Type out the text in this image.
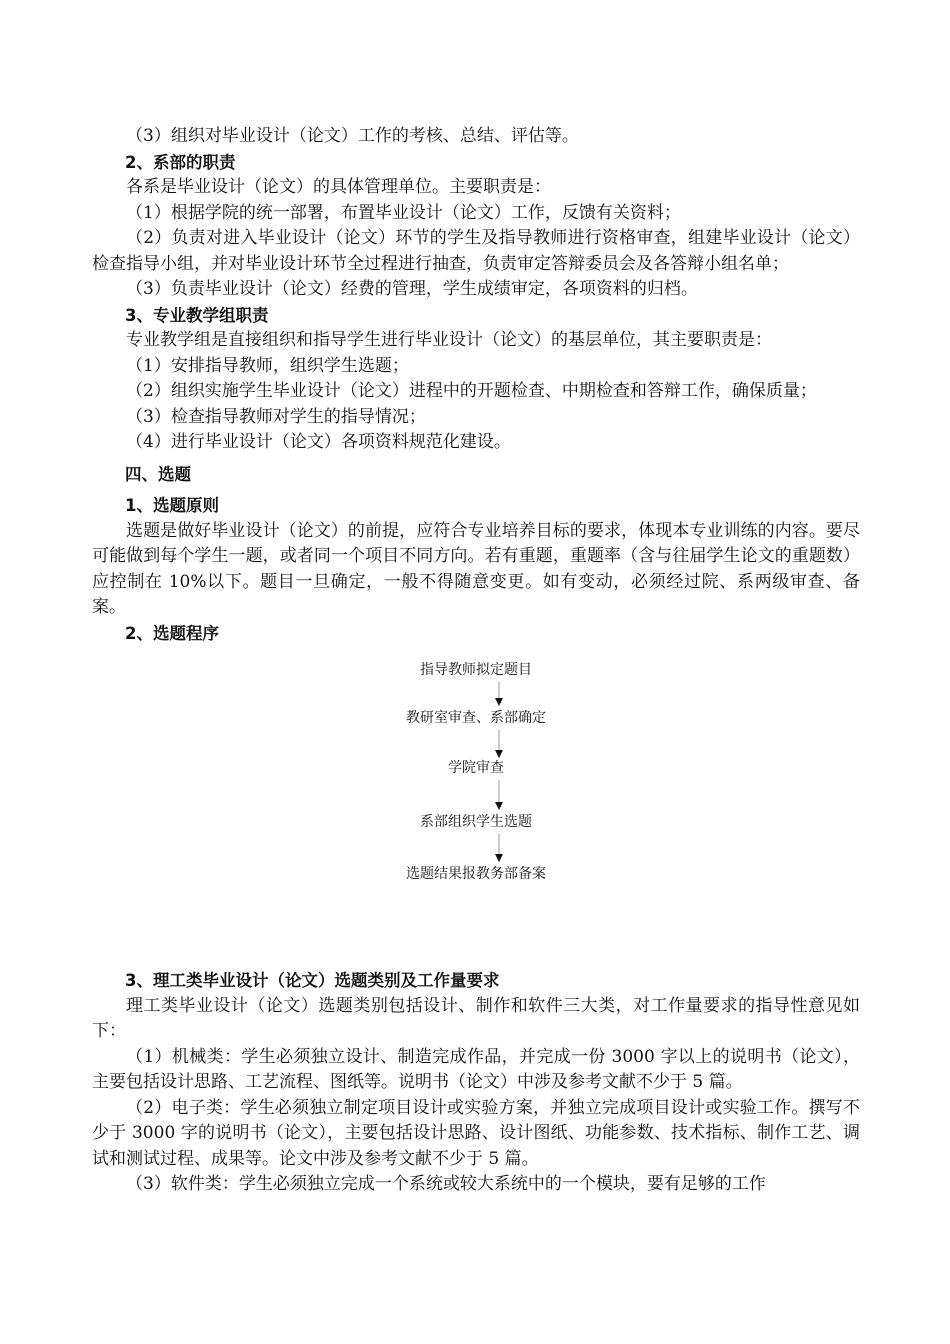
（3）组织对毕业设计（论文）工作的考核、总结、评估等。

2、系部的职责

各系是毕业设计（论文）的具体管理单位。主要职责是：

（1）根据学院的统一部署，布置毕业设计（论文）工作，反馈有关资料；

（2）负责对进入毕业设计（论文）环节的学生及指导教师进行资格审查，组建毕业设计（论文）检查指导小组，并对毕业设计环节全过程进行抽查，负责审定答辩委员会及各答辩小组名单；

（3）负责毕业设计（论文）经费的管理，学生成绩审定，各项资料的归档。

3、专业教学组职责

专业教学组是直接组织和指导学生进行毕业设计（论文）的基层单位，其主要职责是：

（1）安排指导教师，组织学生选题；

（2）组织实施学生毕业设计（论文）进程中的开题检查、中期检查和答辩工作，确保质量；

（3）检查指导教师对学生的指导情况；

（4）进行毕业设计（论文）各项资料规范化建设。

四、选题

1、选题原则

选题是做好毕业设计（论文）的前提，应符合专业培养目标的要求，体现本专业训练的内容。要尽可能做到每个学生一题，或者同一个项目不同方向。若有重题，重题率（含与往届学生论文的重题数）应控制在 10%以下。题目一旦确定，一般不得随意变更。如有变动，必须经过院、系两级审查、备案。

2、选题程序

指导教师拟定题目
教研室审查、系部确定
学院审查
系部组织学生选题
选题结果报教务部备案

3、理工类毕业设计（论文）选题类别及工作量要求

理工类毕业设计（论文）选题类别包括设计、制作和软件三大类，对工作量要求的指导性意见如下：

（1）机械类：学生必须独立设计、制造完成作品，并完成一份 3000 字以上的说明书（论文），主要包括设计思路、工艺流程、图纸等。说明书（论文）中涉及参考文献不少于 5 篇。

（2）电子类：学生必须独立制定项目设计或实验方案，并独立完成项目设计或实验工作。撰写不少于 3000 字的说明书（论文），主要包括设计思路、设计图纸、功能参数、技术指标、制作工艺、调试和测试过程、成果等。论文中涉及参考文献不少于 5 篇。

（3）软件类：学生必须独立完成一个系统或较大系统中的一个模块，要有足够的工作
